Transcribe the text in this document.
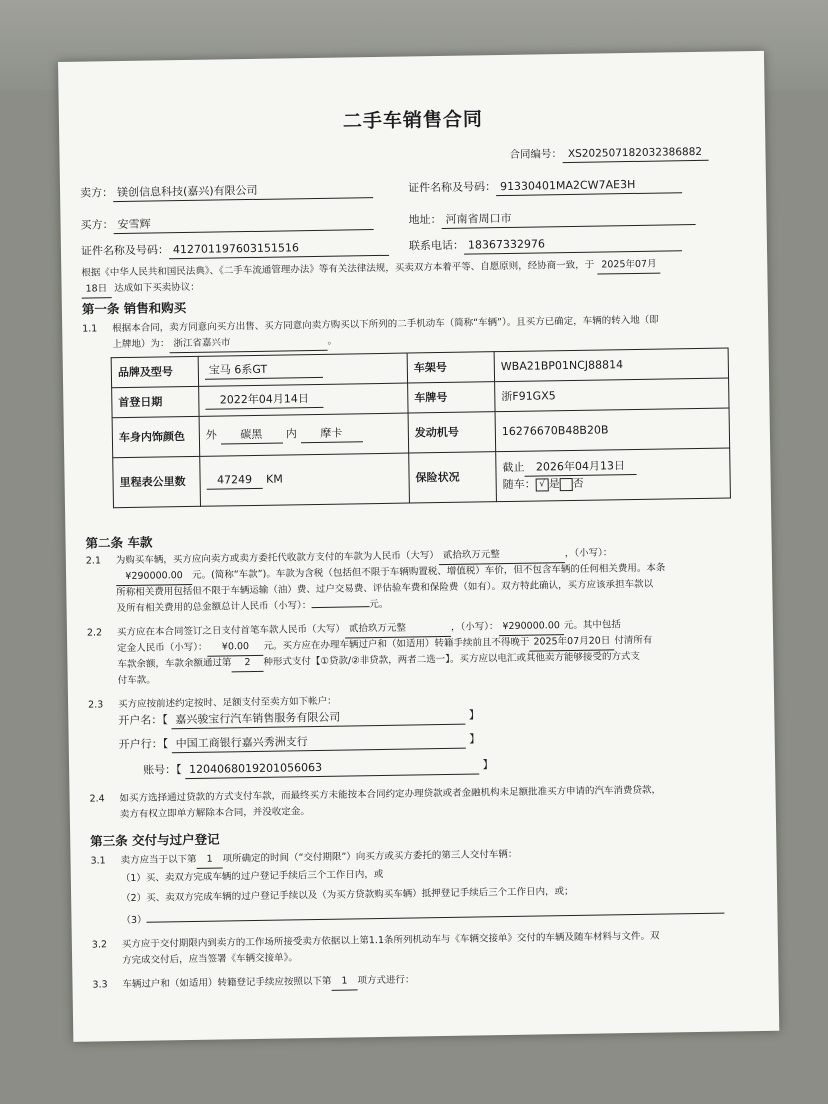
二手车销售合同
合同编号： XS202507182032386882
卖方： 镁创信息科技(嘉兴)有限公司	证件名称及号码： 91330401MA2CW7AE3H
买方： 安雪辉	地址： 河南省周口市
证件名称及号码： 412701197603151516	联系电话： 18367332976
根据《中华人民共和国民法典》、《二手车流通管理办法》等有关法律法规，买卖双方本着平等、自愿原则，经协商一致，于 2025年07月
18日 达成如下买卖协议：
第一条 销售和购买
1.1 根据本合同，卖方同意向买方出售、买方同意向卖方购买以下所列的二手机动车（简称“车辆”）。且买方已确定，车辆的转入地（即
上牌地）为： 浙江省嘉兴市	。
品牌及型号	宝马 6系GT	车架号	WBA21BP01NCJ88814
首登日期	2022年04月14日	车牌号	浙F91GX5
车身内饰颜色	外 碳黑 内 摩卡	发动机号	16276670B48B20B
里程表公里数	47249 KM	保险状况	截止 2026年04月13日
随车： √ 是 否
第二条 车款
2.1 为购买车辆，买方应向卖方或卖方委托代收款方支付的车款为人民币（大写） 贰拾玖万元整	，（小写）：
¥290000.00 元。(简称“车款”)。车款为含税（包括但不限于车辆购置税、增值税）车价，但不包含车辆的任何相关费用。本条
所称相关费用包括但不限于车辆运输（油）费、过户交易费、评估验车费和保险费（如有）。双方特此确认，买方应该承担车款以
及所有相关费用的总金额总计人民币（小写）：	元。
2.2 买方应在本合同签订之日支付首笔车款人民币（大写） 贰拾玖万元整	，（小写）： ¥290000.00 元。其中包括
定金人民币（小写）： ¥0.00 元。买方应在办理车辆过户和（如适用）转籍手续前且不得晚于 2025年07月20日 付清所有
车款余额，车款余额通过第 2 种形式支付【①贷款/②非贷款，两者二选一】。买方应以电汇或其他卖方能够接受的方式支
付车款。
2.3 买方应按前述约定按时、足额支付至卖方如下帐户：
开户名：【 嘉兴骏宝行汽车销售服务有限公司	】
开户行：【 中国工商银行嘉兴秀洲支行	】
账号：【 1204068019201056063	】
2.4 如买方选择通过贷款的方式支付车款，而最终买方未能按本合同约定办理贷款或者金融机构未足额批准买方申请的汽车消费贷款，
卖方有权立即单方解除本合同，并没收定金。
第三条 交付与过户登记
3.1 卖方应当于以下第 1 项所确定的时间（“交付期限”）向买方或买方委托的第三人交付车辆：
（1）买、卖双方完成车辆的过户登记手续后三个工作日内，或
（2）买、卖双方完成车辆的过户登记手续以及（为买方贷款购买车辆）抵押登记手续后三个工作日内，或；
（3）
3.2 买方应于交付期限内到卖方的工作场所接受卖方依据以上第1.1条所列机动车与《车辆交接单》交付的车辆及随车材料与文件。双
方完成交付后，应当签署《车辆交接单》。
3.3 车辆过户和（如适用）转籍登记手续应按照以下第 1 项方式进行：
